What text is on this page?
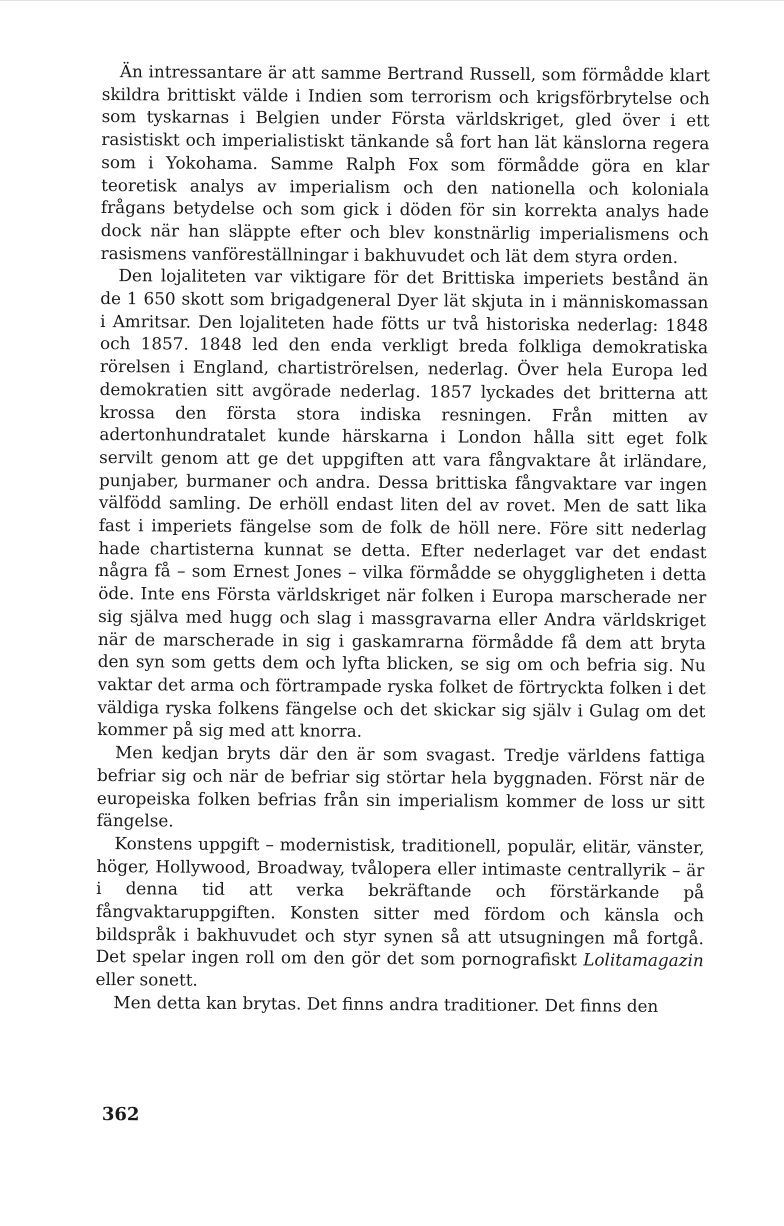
Än intressantare är att samme Bertrand Russell, som förmådde klart skildra brittiskt välde i Indien som terrorism och krigsförbrytelse och som tyskarnas i Belgien under Första världskriget, gled över i ett rasistiskt och imperialistiskt tänkande så fort han lät känslorna regera som i Yokohama. Samme Ralph Fox som förmådde göra en klar teoretisk analys av imperialism och den nationella och koloniala frågans betydelse och som gick i döden för sin korrekta analys hade dock när han släppte efter och blev konstnärlig imperialismens och rasismens vanföreställningar i bakhuvudet och lät dem styra orden.

Den lojaliteten var viktigare för det Brittiska imperiets bestånd än de 1 650 skott som brigadgeneral Dyer lät skjuta in i människomassan i Amritsar. Den lojaliteten hade fötts ur två historiska nederlag: 1848 och 1857. 1848 led den enda verkligt breda folkliga demokratiska rörelsen i England, chartiströrelsen, nederlag. Över hela Europa led demokratien sitt avgörade nederlag. 1857 lyckades det britterna att krossa den första stora indiska resningen. Från mitten av adertonhundratalet kunde härskarna i London hålla sitt eget folk servilt genom att ge det uppgiften att vara fångvaktare åt irländare, punjaber, burmaner och andra. Dessa brittiska fångvaktare var ingen välfödd samling. De erhöll endast liten del av rovet. Men de satt lika fast i imperiets fängelse som de folk de höll nere. Före sitt nederlag hade chartisterna kunnat se detta. Efter nederlaget var det endast några få – som Ernest Jones – vilka förmådde se ohyggligheten i detta öde. Inte ens Första världskriget när folken i Europa marscherade ner sig själva med hugg och slag i massgravarna eller Andra världskriget när de marscherade in sig i gaskamrarna förmådde få dem att bryta den syn som getts dem och lyfta blicken, se sig om och befria sig. Nu vaktar det arma och förtrampade ryska folket de förtryckta folken i det väldiga ryska folkens fängelse och det skickar sig själv i Gulag om det kommer på sig med att knorra.

Men kedjan bryts där den är som svagast. Tredje världens fattiga befriar sig och när de befriar sig störtar hela byggnaden. Först när de europeiska folken befrias från sin imperialism kommer de loss ur sitt fängelse.

Konstens uppgift – modernistisk, traditionell, populär, elitär, vänster, höger, Hollywood, Broadway, tvålopera eller intimaste centrallyrik – är i denna tid att verka bekräftande och förstärkande på fångvaktaruppgiften. Konsten sitter med fördom och känsla och bildspråk i bakhuvudet och styr synen så att utsugningen må fortgå. Det spelar ingen roll om den gör det som pornografiskt Lolitamagazin eller sonett.

Men detta kan brytas. Det finns andra traditioner. Det finns den

362
